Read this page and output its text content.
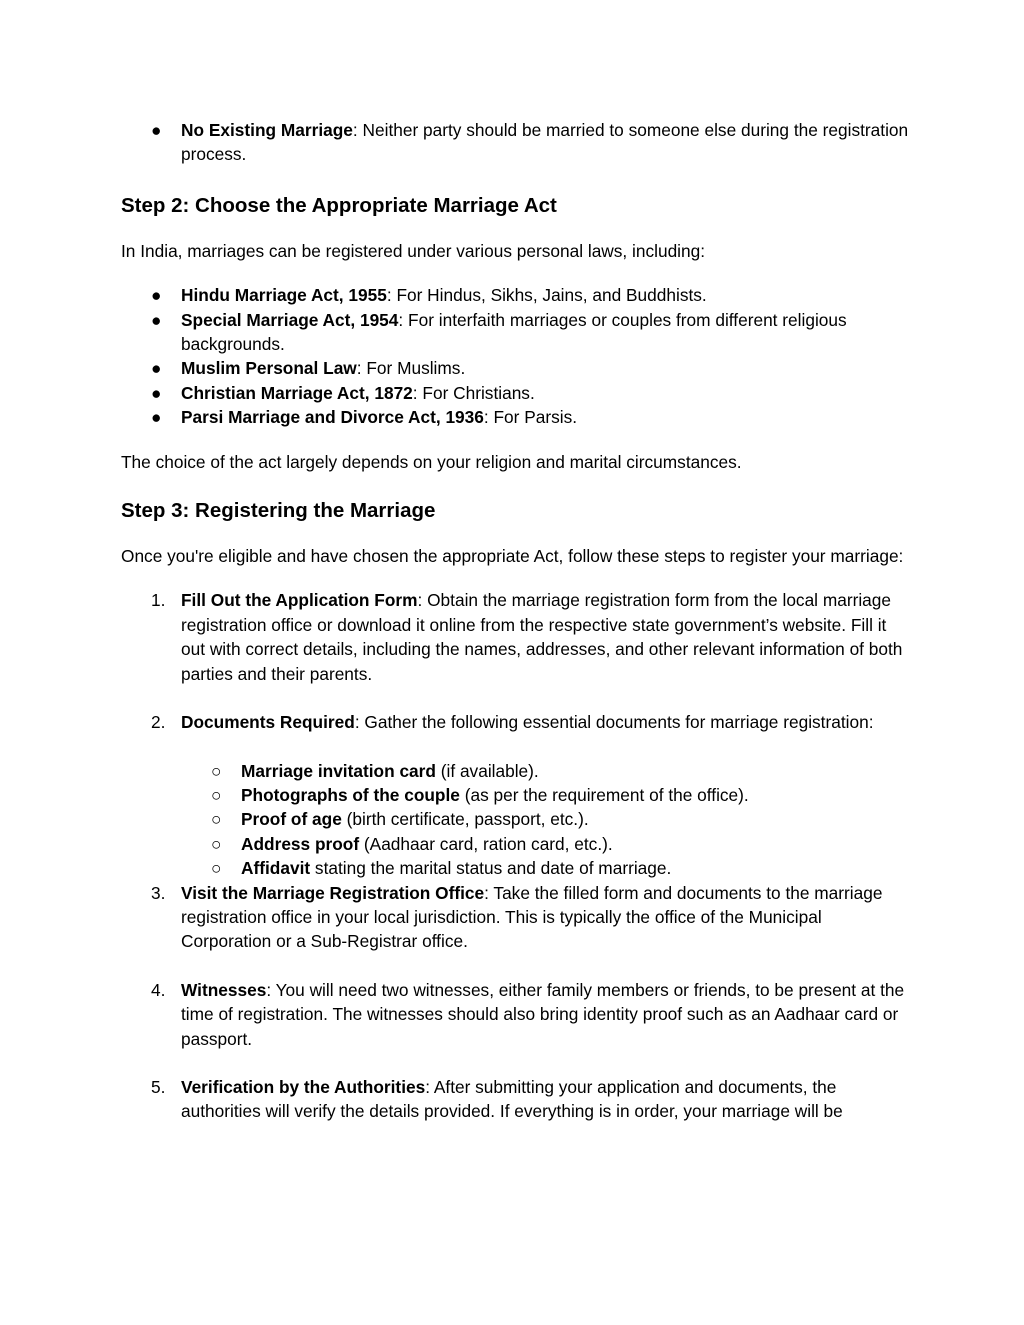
● No Existing Marriage: Neither party should be married to someone else during the registration process.
Step 2: Choose the Appropriate Marriage Act

In India, marriages can be registered under various personal laws, including:

● Hindu Marriage Act, 1955: For Hindus, Sikhs, Jains, and Buddhists.
● Special Marriage Act, 1954: For interfaith marriages or couples from different religious backgrounds.
● Muslim Personal Law: For Muslims.
● Christian Marriage Act, 1872: For Christians.
● Parsi Marriage and Divorce Act, 1936: For Parsis.

The choice of the act largely depends on your religion and marital circumstances.

Step 3: Registering the Marriage

Once you're eligible and have chosen the appropriate Act, follow these steps to register your marriage:

1. Fill Out the Application Form: Obtain the marriage registration form from the local marriage registration office or download it online from the respective state government’s website. Fill it out with correct details, including the names, addresses, and other relevant information of both parties and their parents.
2. Documents Required: Gather the following essential documents for marriage registration:
○ Marriage invitation card (if available).
○ Photographs of the couple (as per the requirement of the office).
○ Proof of age (birth certificate, passport, etc.).
○ Address proof (Aadhaar card, ration card, etc.).
○ Affidavit stating the marital status and date of marriage.
3. Visit the Marriage Registration Office: Take the filled form and documents to the marriage registration office in your local jurisdiction. This is typically the office of the Municipal Corporation or a Sub-Registrar office.
4. Witnesses: You will need two witnesses, either family members or friends, to be present at the time of registration. The witnesses should also bring identity proof such as an Aadhaar card or passport.
5. Verification by the Authorities: After submitting your application and documents, the authorities will verify the details provided. If everything is in order, your marriage will be
